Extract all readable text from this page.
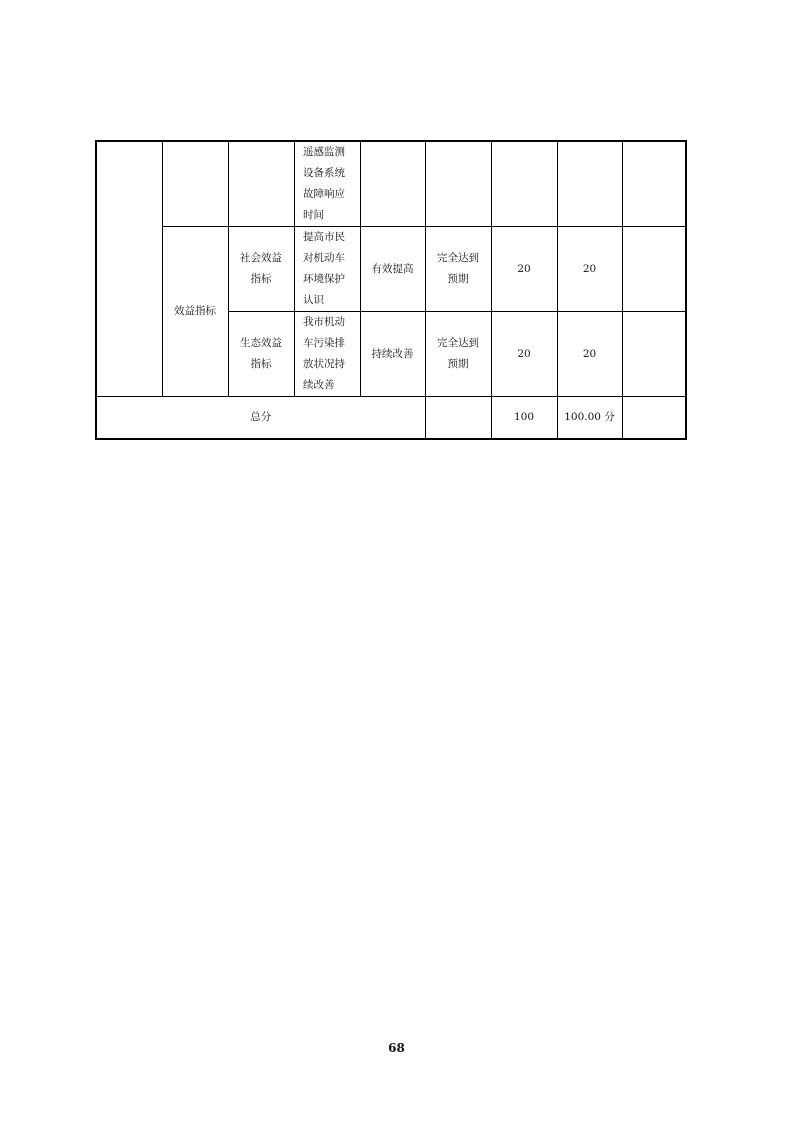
			遥感监测设备系统故障响应时间					
	效益指标	社会效益指标	提高市民对机动车环境保护认识	有效提高	完全达到预期	20	20	
		生态效益指标	我市机动车污染排放状况持续改善	持续改善	完全达到预期	20	20	
总分						100	100.00 分	
68
